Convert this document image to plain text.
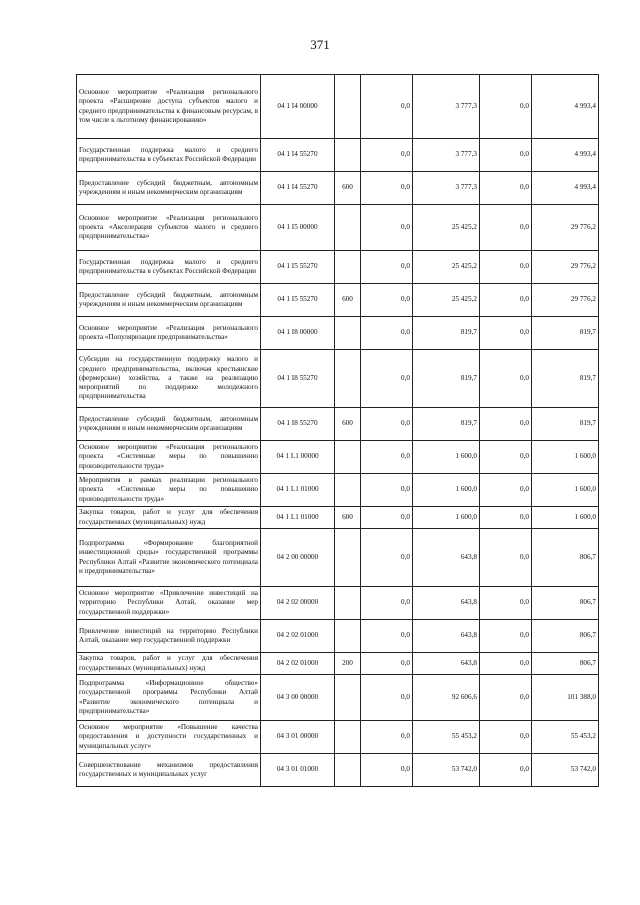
371
Основное мероприятие «Реализация регионального проекта «Расширение доступа субъектов малого и среднего предпринимательства к финансовым ресурсам, в том числе к льготному финансированию»	04 1 I4 00000		0,0	3 777,3	0,0	4 993,4
Государственная поддержка малого и среднего предпринимательства в субъектах Российской Федерации	04 1 I4 55270		0,0	3 777,3	0,0	4 993,4
Предоставление субсидий бюджетным, автономным учреждениям и иным некоммерческим организациям	04 1 I4 55270	600	0,0	3 777,3	0,0	4 993,4
Основное мероприятие «Реализация регионального проекта «Акселерация субъектов малого и среднего предпринимательства»	04 1 I5 00000		0,0	25 425,2	0,0	29 776,2
Государственная поддержка малого и среднего предпринимательства в субъектах Российской Федерации	04 1 I5 55270		0,0	25 425,2	0,0	29 776,2
Предоставление субсидий бюджетным, автономным учреждениям и иным некоммерческим организациям	04 1 I5 55270	600	0,0	25 425,2	0,0	29 776,2
Основное мероприятие «Реализация регионального проекта «Популяризация предпринимательства»	04 1 I8 00000		0,0	819,7	0,0	819,7
Субсидии на государственную поддержку малого и среднего предпринимательства, включая крестьянские (фермерские) хозяйства, а также на реализацию мероприятий по поддержке молодежного предпринимательства	04 1 I8 55270		0,0	819,7	0,0	819,7
Предоставление субсидий бюджетным, автономным учреждениям и иным некоммерческим организациям	04 1 I8 55270	600	0,0	819,7	0,0	819,7
Основное мероприятие «Реализация регионального проекта «Системные меры по повышению производительности труда»	04 1 L1 00000		0,0	1 600,0	0,0	1 600,0
Мероприятия в рамках реализации регионального проекта «Системные меры по повышению производительности труда»	04 1 L1 01000		0,0	1 600,0	0,0	1 600,0
Закупка товаров, работ и услуг для обеспечения государственных (муниципальных) нужд	04 1 L1 01000	600	0,0	1 600,0	0,0	1 600,0
Подпрограмма «Формирование благоприятной инвестиционной среды» государственной программы Республики Алтай «Развитие экономического потенциала и предпринимательства»	04 2 00 00000		0,0	643,8	0,0	806,7
Основное мероприятие «Привлечение инвестиций на территорию Республики Алтай, оказание мер государственной поддержки»	04 2 02 00000		0,0	643,8	0,0	806,7
Привлечение инвестиций на территорию Республики Алтай, оказание мер государственной поддержки	04 2 02 01000		0,0	643,8	0,0	806,7
Закупка товаров, работ и услуг для обеспечения государственных (муниципальных) нужд	04 2 02 01000	200	0,0	643,8	0,0	806,7
Подпрограмма «Информационное общество» государственной программы Республики Алтай «Развитие экономического потенциала и предпринимательства»	04 3 00 00000		0,0	92 606,6	0,0	101 388,0
Основное мероприятие «Повышение качества предоставления и доступности государственных и муниципальных услуг»	04 3 01 00000		0,0	55 453,2	0,0	55 453,2
Совершенствование механизмов предоставления государственных и муниципальных услуг	04 3 01 01000		0,0	53 742,0	0,0	53 742,0
